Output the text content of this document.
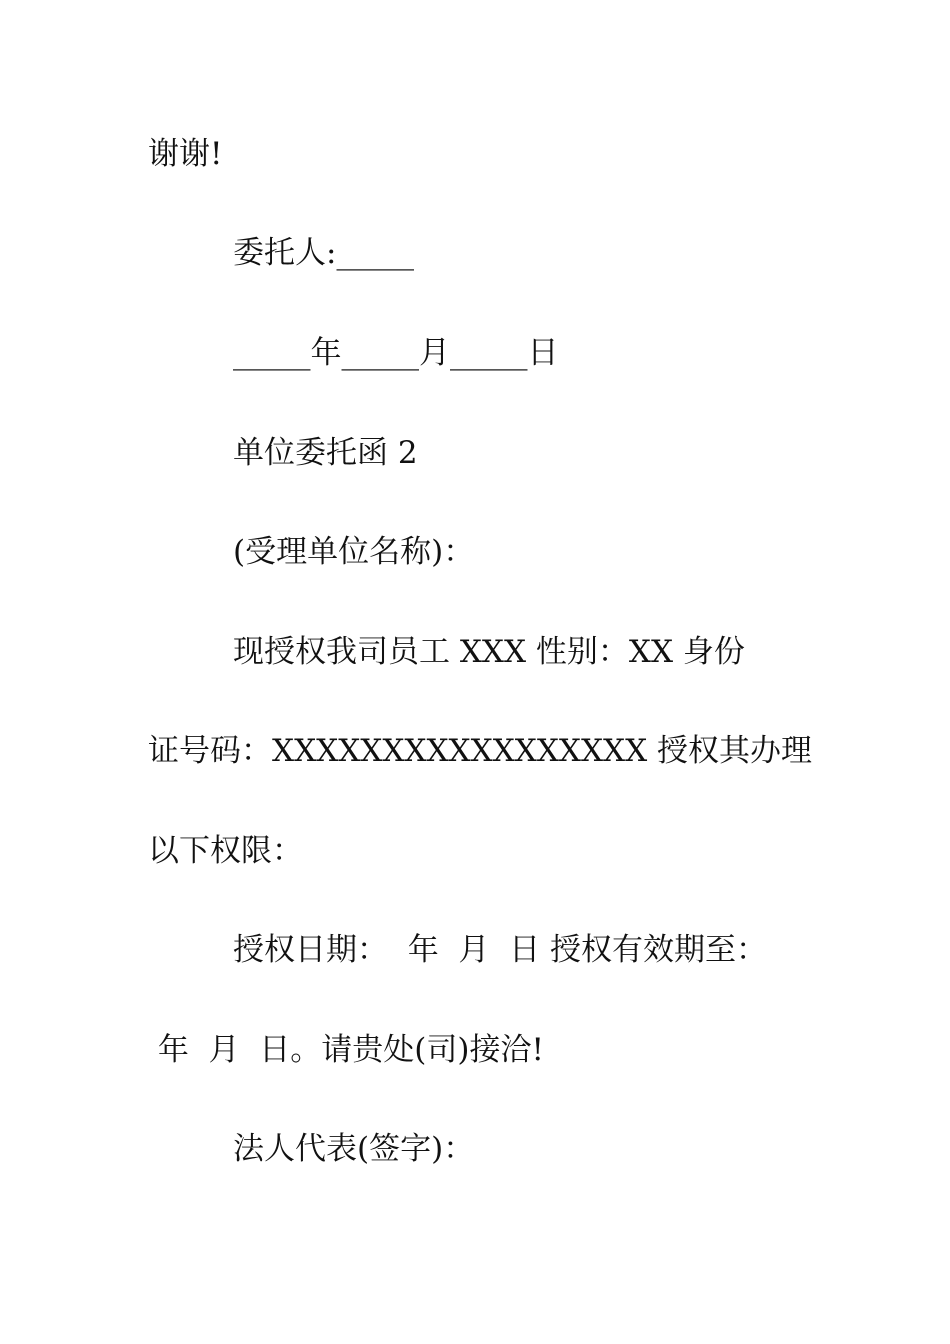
谢谢!

委托人:_____

_____年_____月_____日

单位委托函 2

(受理单位名称)：

现授权我司员工 XXX 性别：XX 身份

证号码：XXXXXXXXXXXXXXXXX 授权其办理

以下权限：

授权日期：  年  月  日 授权有效期至：

年  月  日。请贵处(司)接洽!

法人代表(签字)：
